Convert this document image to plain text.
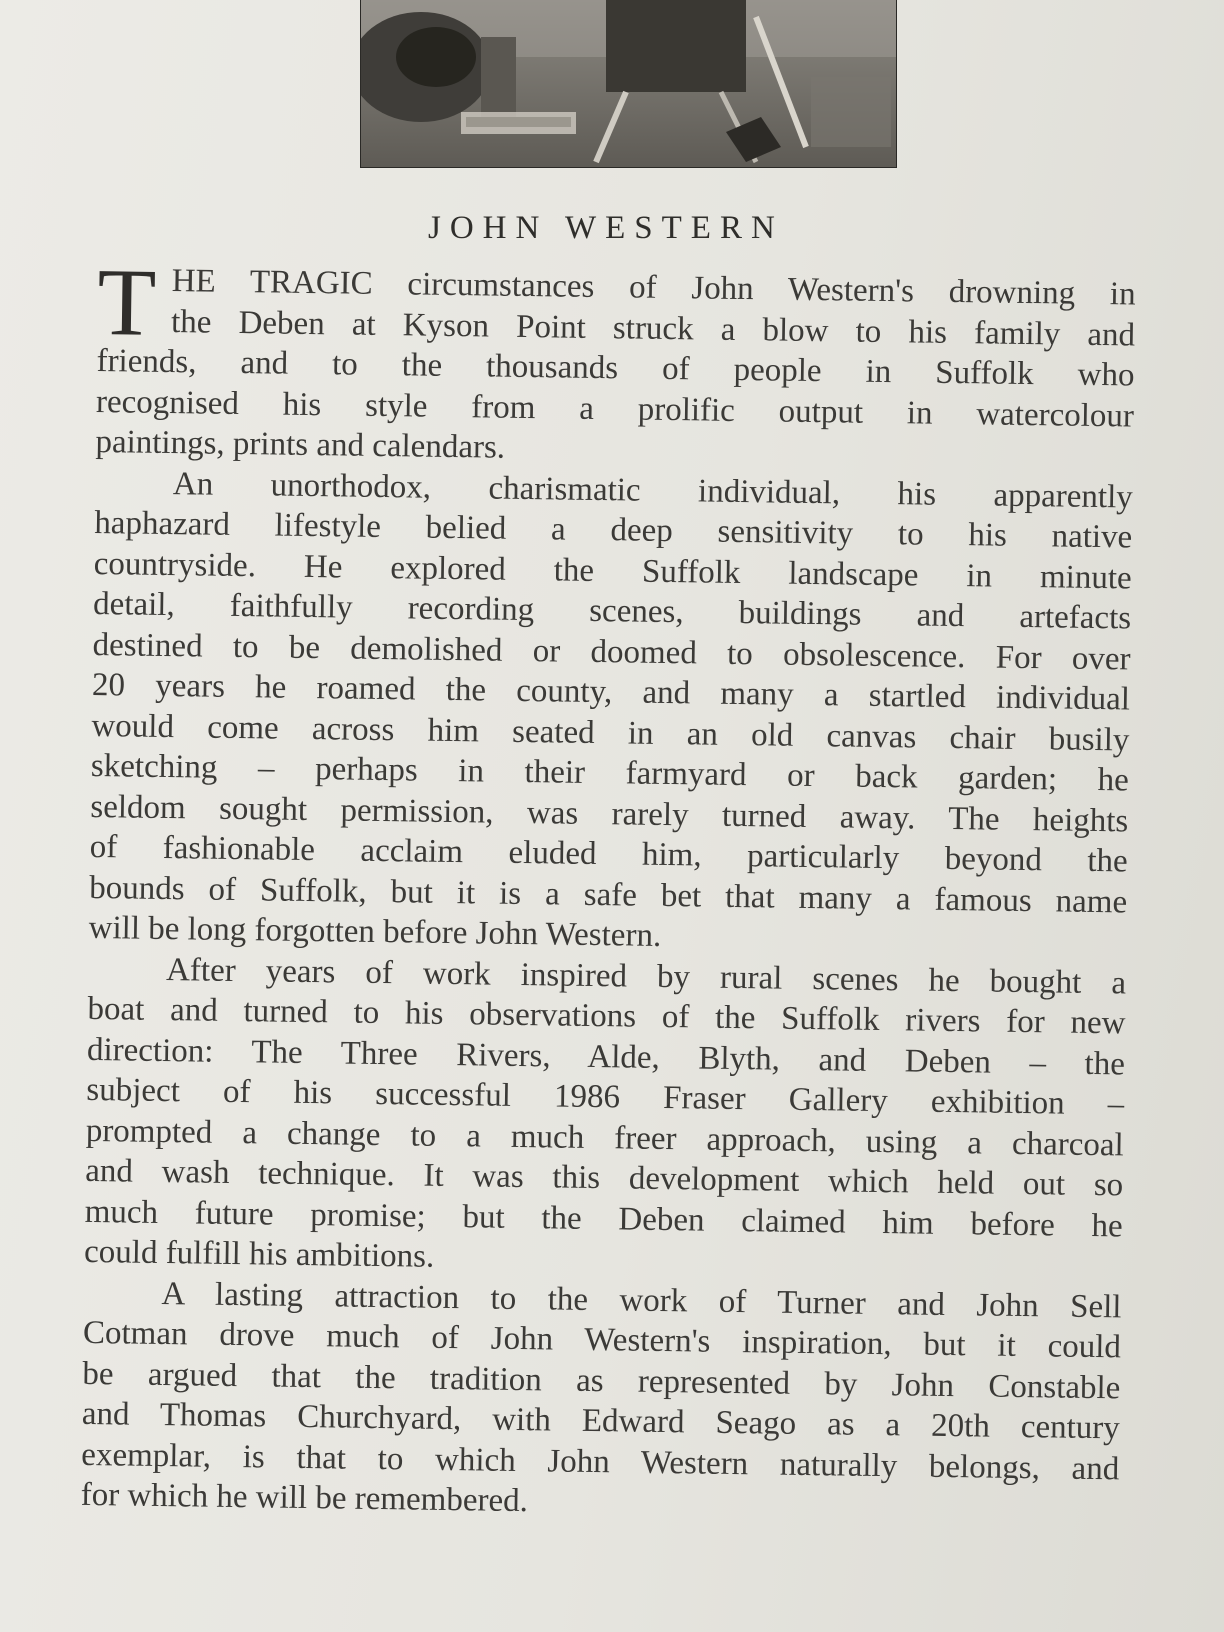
JOHN WESTERN
T HE TRAGIC circumstances of John Western's drowning in
the Deben at Kyson Point struck a blow to his family and
friends, and to the thousands of people in Suffolk who
recognised his style from a prolific output in watercolour
paintings, prints and calendars.
An unorthodox, charismatic individual, his apparently
haphazard lifestyle belied a deep sensitivity to his native
countryside. He explored the Suffolk landscape in minute
detail, faithfully recording scenes, buildings and artefacts
destined to be demolished or doomed to obsolescence. For over
20 years he roamed the county, and many a startled individual
would come across him seated in an old canvas chair busily
sketching – perhaps in their farmyard or back garden; he
seldom sought permission, was rarely turned away. The heights
of fashionable acclaim eluded him, particularly beyond the
bounds of Suffolk, but it is a safe bet that many a famous name
will be long forgotten before John Western.
After years of work inspired by rural scenes he bought a
boat and turned to his observations of the Suffolk rivers for new
direction: The Three Rivers, Alde, Blyth, and Deben – the
subject of his successful 1986 Fraser Gallery exhibition –
prompted a change to a much freer approach, using a charcoal
and wash technique. It was this development which held out so
much future promise; but the Deben claimed him before he
could fulfill his ambitions.
A lasting attraction to the work of Turner and John Sell
Cotman drove much of John Western's inspiration, but it could
be argued that the tradition as represented by John Constable
and Thomas Churchyard, with Edward Seago as a 20th century
exemplar, is that to which John Western naturally belongs, and
for which he will be remembered.
